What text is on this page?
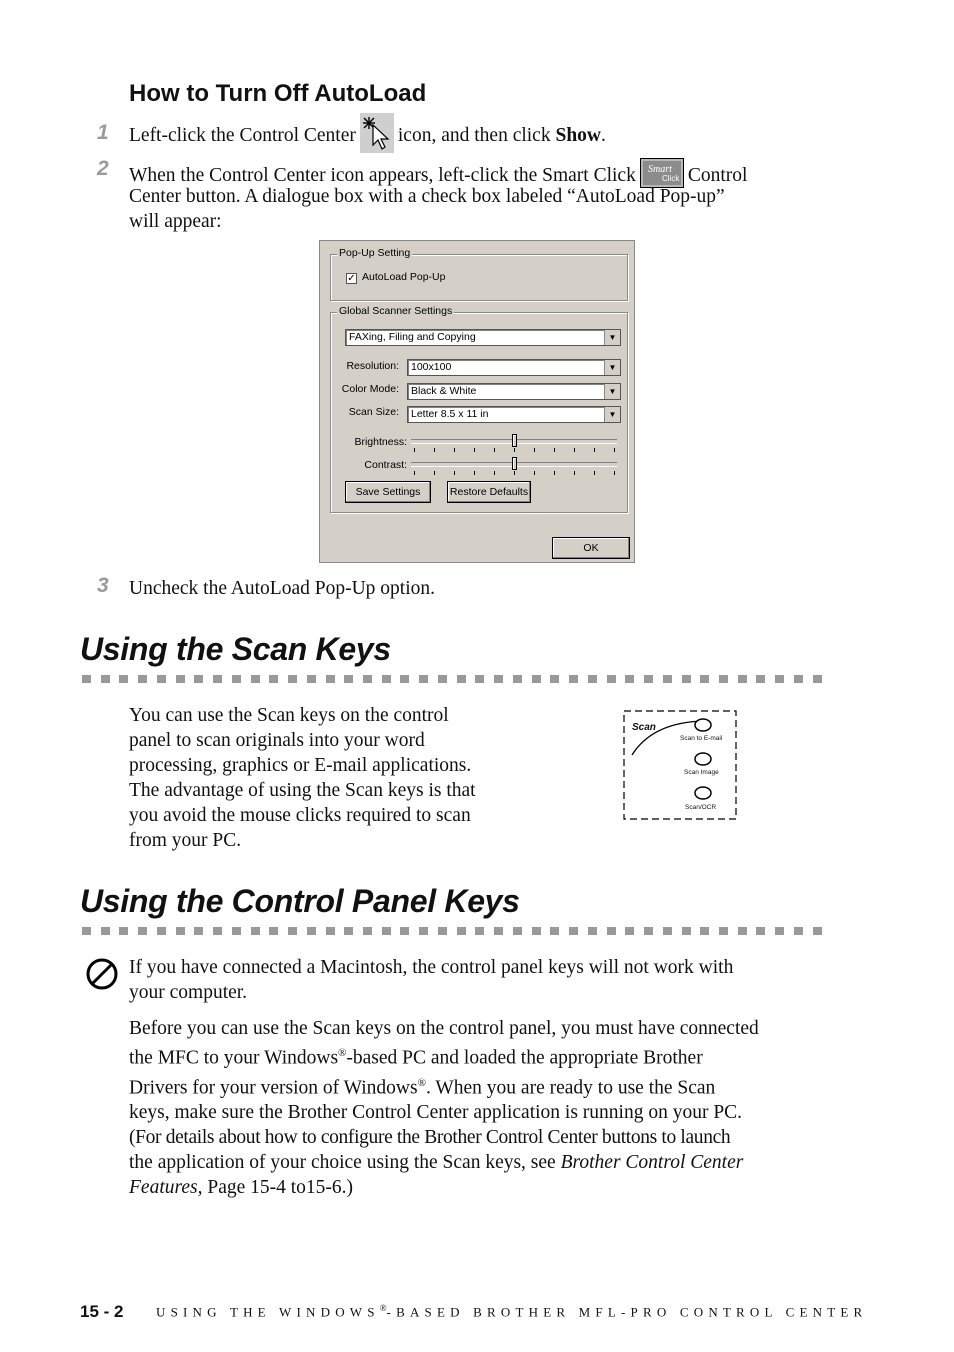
How to Turn Off AutoLoad
1 Left-click the Control Center icon, and then click Show.
2 When the Control Center icon appears, left-click the Smart Click Smart
Click Control
Center button. A dialogue box with a check box labeled “AutoLoad Pop-up”
will appear:
Pop-Up Setting
✓ AutoLoad Pop-Up
Global Scanner Settings
FAXing, Filing and Copying	▼
Resolution:	100x100	▼
Color Mode:	Black & White	▼
Scan Size:	Letter 8.5 x 11 in	▼
Brightness:
Contrast:
Save Settings	Restore Defaults
OK
3 Uncheck the AutoLoad Pop-Up option.
Using the Scan Keys
You can use the Scan keys on the control
panel to scan originals into your word
processing, graphics or E-mail applications.
The advantage of using the Scan keys is that
you avoid the mouse clicks required to scan
from your PC.
Scan
Scan to E-mail
Scan Image
Scan/OCR
Using the Control Panel Keys
If you have connected a Macintosh, the control panel keys will not work with
your computer.
Before you can use the Scan keys on the control panel, you must have connected
the MFC to your Windows®-based PC and loaded the appropriate Brother
Drivers for your version of Windows®. When you are ready to use the Scan
keys, make sure the Brother Control Center application is running on your PC.
(For details about how to configure the Brother Control Center buttons to launch
the application of your choice using the Scan keys, see Brother Control Center
Features, Page 15-4 to15-6.)
15 - 2	USING THE WINDOWS®-BASED BROTHER MFL-PRO CONTROL CENTER
